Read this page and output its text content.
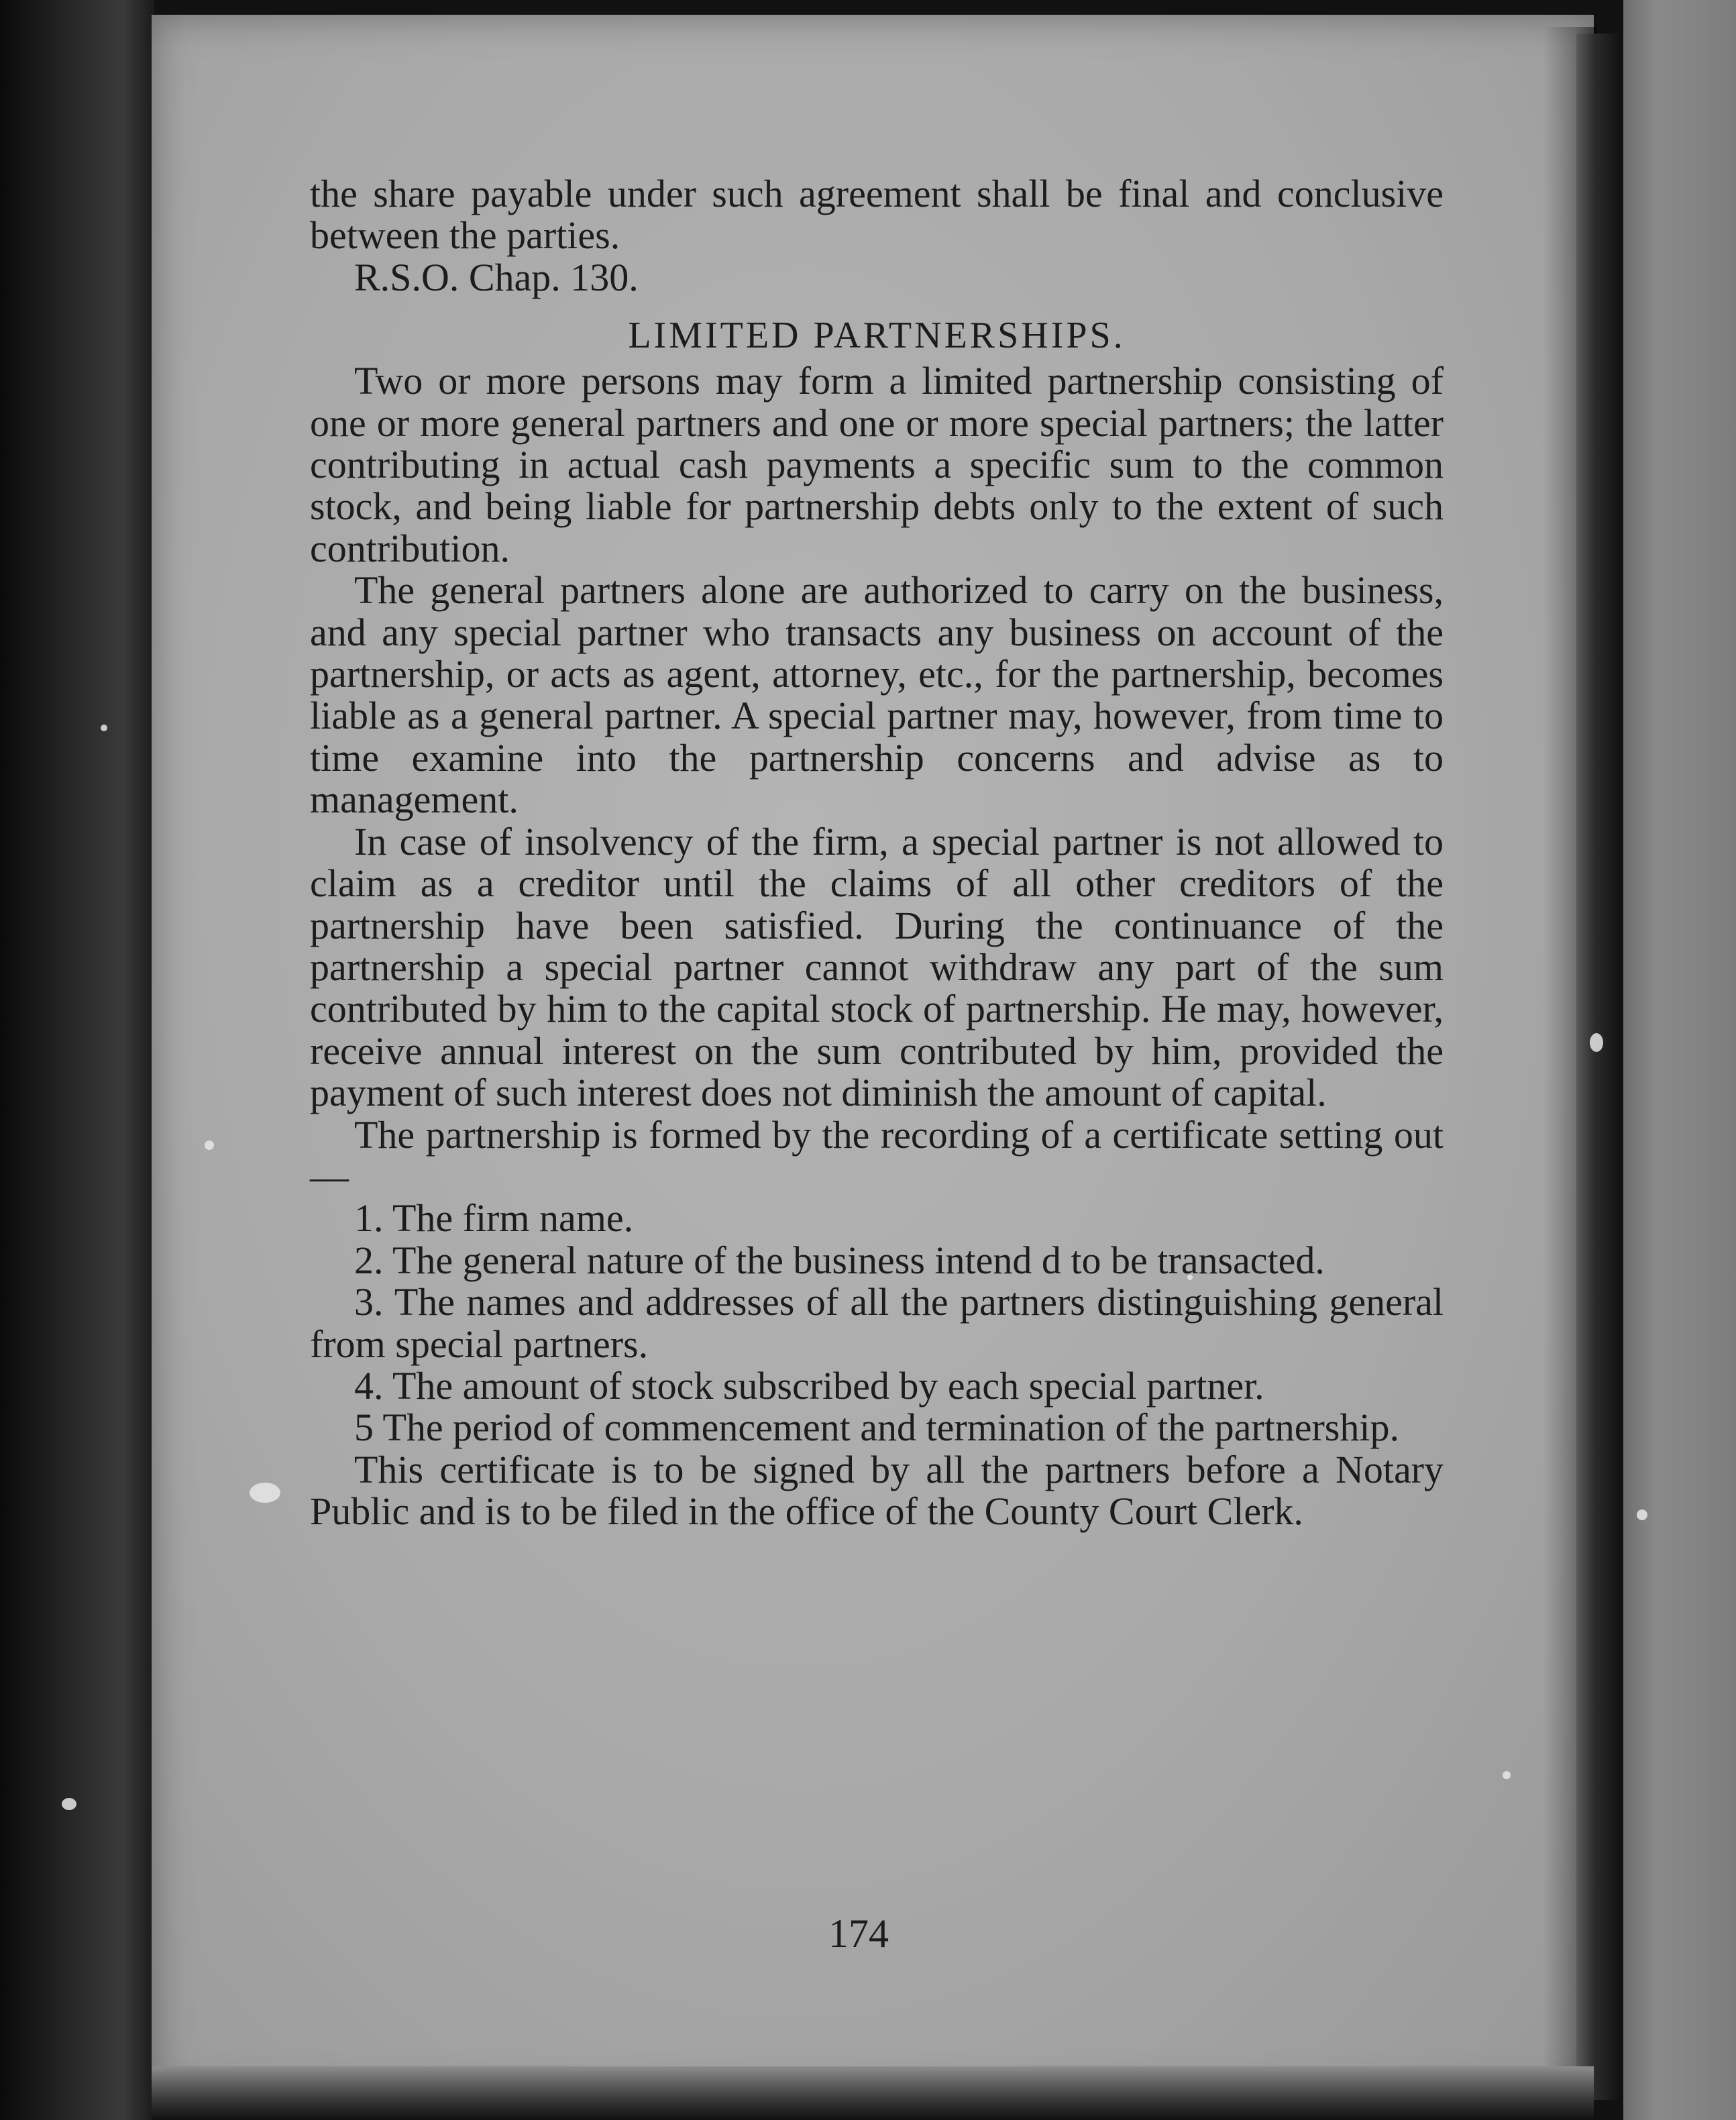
the share payable under such agreement shall be final and conclusive between the parties.

R.S.O. Chap. 130.

LIMITED PARTNERSHIPS.

Two or more persons may form a limited partnership consisting of one or more general partners and one or more special partners; the latter contributing in actual cash payments a specific sum to the common stock, and being liable for partnership debts only to the extent of such contribution.

The general partners alone are authorized to carry on the business, and any special partner who transacts any business on account of the partnership, or acts as agent, attorney, etc., for the partnership, becomes liable as a general partner. A special partner may, however, from time to time examine into the partnership concerns and advise as to management.

In case of insolvency of the firm, a special partner is not allowed to claim as a creditor until the claims of all other creditors of the partnership have been satisfied. During the continuance of the partnership a special partner cannot withdraw any part of the sum contributed by him to the capital stock of partnership. He may, however, receive annual interest on the sum contributed by him, provided the payment of such interest does not diminish the amount of capital.

The partnership is formed by the recording of a certificate setting out—

1. The firm name.

2. The general nature of the business intend d to be transacted.

3. The names and addresses of all the partners distinguishing general from special partners.

4. The amount of stock subscribed by each special partner.

5 The period of commencement and termination of the partnership.

This certificate is to be signed by all the partners before a Notary Public and is to be filed in the office of the County Court Clerk.

174
